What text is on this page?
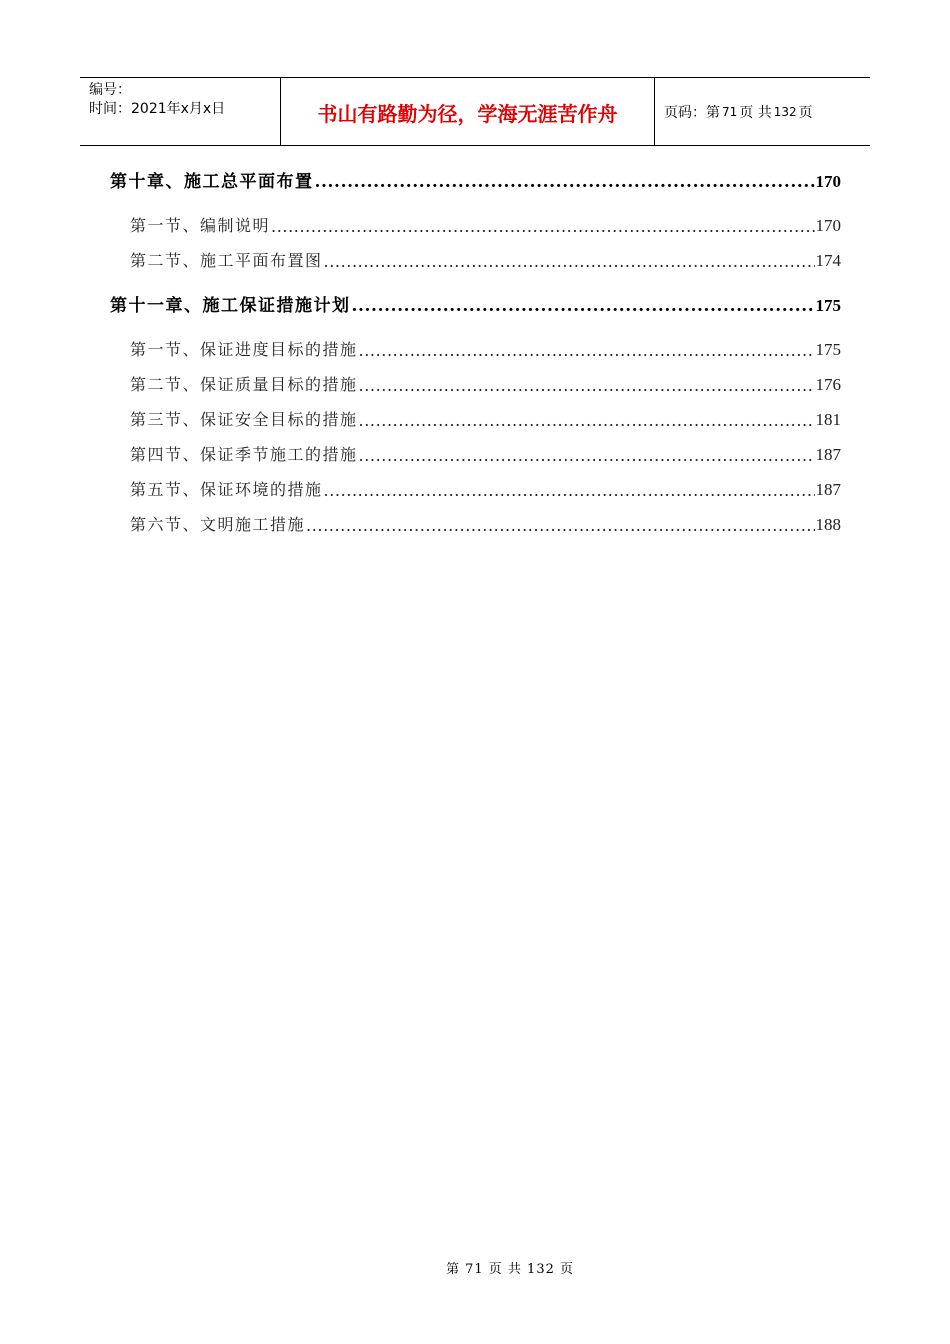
编号：
时间：2021年x月x日	书山有路勤为径，学海无涯苦作舟	页码：第 71 页 共 132 页
第十章、施工总平面布置 .....	170
第一节、编制说明 .....	170
第二节、施工平面布置图 .....	174
第十一章、施工保证措施计划 .....	175
第一节、保证进度目标的措施 .....	175
第二节、保证质量目标的措施 .....	176
第三节、保证安全目标的措施 .....	181
第四节、保证季节施工的措施 .....	187
第五节、保证环境的措施 .....	187
第六节、文明施工措施 .....	188
第 71 页 共 132 页
